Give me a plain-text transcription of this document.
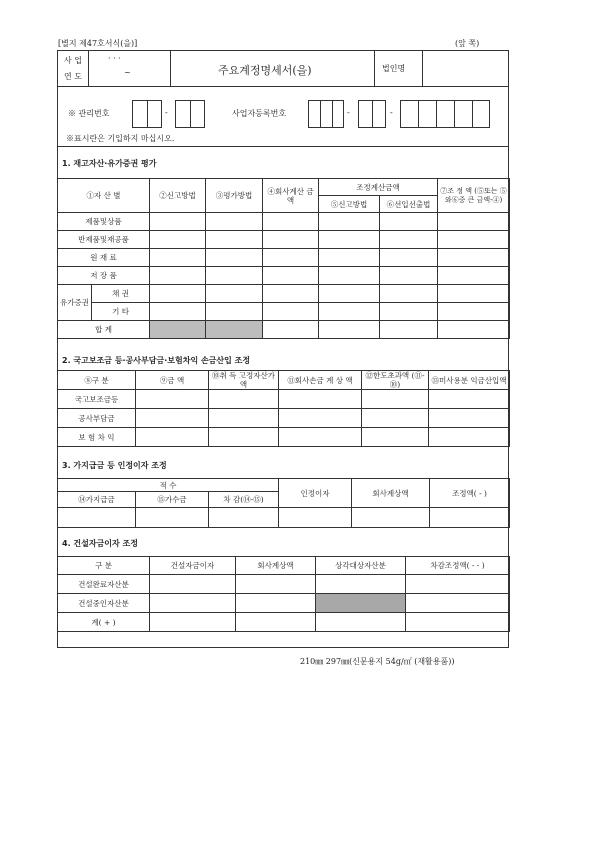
[별지 제47호서식(을)]	(앞 쪽)
사 업
연 도
· · ·
~	주요계정명세서(을)	법인명
※ 관리번호	-	사업자등록번호	-	-
※표시란은 기입하지 마십시오.
1. 재고자산·유가증권 평가
①자 산 별		②신고방법	③평가방법	④회사계산 금 액	조정계산금액		⑦조 정 액 (⑤또는 ⑤와⑥중 큰 금액-④)
					⑤신고방법	⑥선입선출법	
제품및상품							
반제품및재공품							
원 재 료							
저 장 품							
유가증권	채 권						
	기 타						
합 계							
2. 국고보조금 등·공사부담금·보험차익 손금산입 조정
⑧구 분	⑨금 액	⑩취 득 고정자산가액	⑪회사손금 계 상 액	⑫한도초과액 (⑪-⑩)	⑬미사용분 익금산입액
국고보조금등					
공사부담금					
보 험 차 익					
3. 가지급금 등 인정이자 조정
적 수			인정이자	회사계상액	조정액( - )
⑭가지급금	⑮가수금	차 감(⑭-⑮)			

4. 건설자금이자 조정
구 분	건설자금이자	회사계상액	상각대상자산분	차감조정액( - - )
건설완료자산분				
건설중인자산분				
계( + )				
210㎜ 297㎜(신문용지 54g/㎡ (재활용품))
